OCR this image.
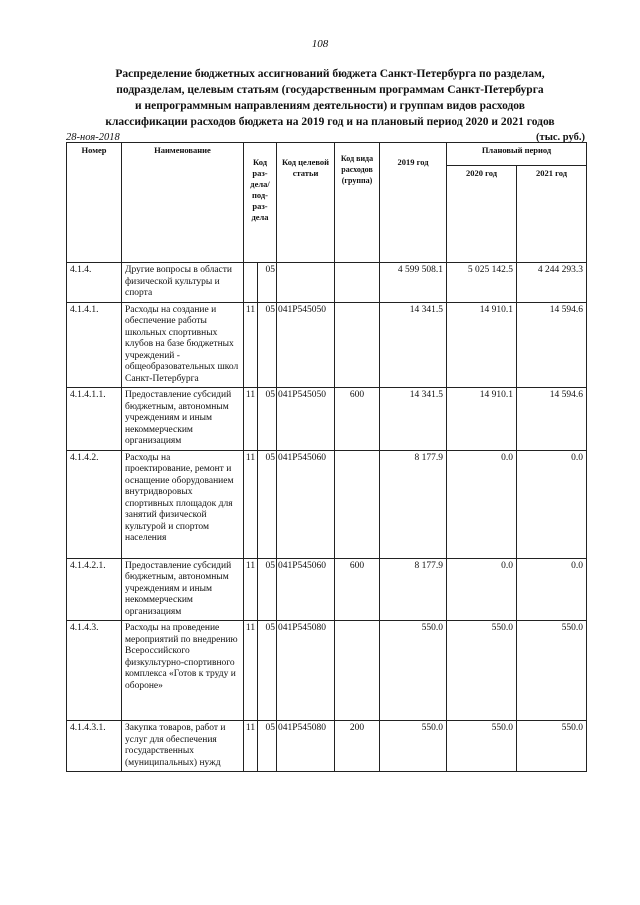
108
Распределение бюджетных ассигнований бюджета Санкт-Петербурга по разделам,
подразделам, целевым статьям (государственным программам Санкт-Петербурга
и непрограммным направлениям деятельности) и группам видов расходов
классификации расходов бюджета на 2019 год и на плановый период 2020 и 2021 годов
28-ноя-2018	(тыс. руб.)
Номер	Наименование	Код раз-дела/ под-раз-дела		Код целевой статьи	Код вида расходов (группа)	2019 год	Плановый период	
							2020 год	2021 год
4.1.4.	Другие вопросы в области физической культуры и спорта		05			4 599 508.1	5 025 142.5	4 244 293.3
4.1.4.1.	Расходы на создание и обеспечение работы школьных спортивных клубов на базе бюджетных учреждений - общеобразовательных школ Санкт-Петербурга	11	05	041Р545050		14 341.5	14 910.1	14 594.6
4.1.4.1.1.	Предоставление субсидий бюджетным, автономным учреждениям и иным некоммерческим организациям	11	05	041Р545050	600	14 341.5	14 910.1	14 594.6
4.1.4.2.	Расходы на проектирование, ремонт и оснащение оборудованием внутридворовых спортивных площадок для занятий физической культурой и спортом населения	11	05	041Р545060		8 177.9	0.0	0.0
4.1.4.2.1.	Предоставление субсидий бюджетным, автономным учреждениям и иным некоммерческим организациям	11	05	041Р545060	600	8 177.9	0.0	0.0
4.1.4.3.	Расходы на проведение мероприятий по внедрению Всероссийского физкультурно-спортивного комплекса «Готов к труду и обороне»	11	05	041Р545080		550.0	550.0	550.0
4.1.4.3.1.	Закупка товаров, работ и услуг для обеспечения государственных (муниципальных) нужд	11	05	041Р545080	200	550.0	550.0	550.0
